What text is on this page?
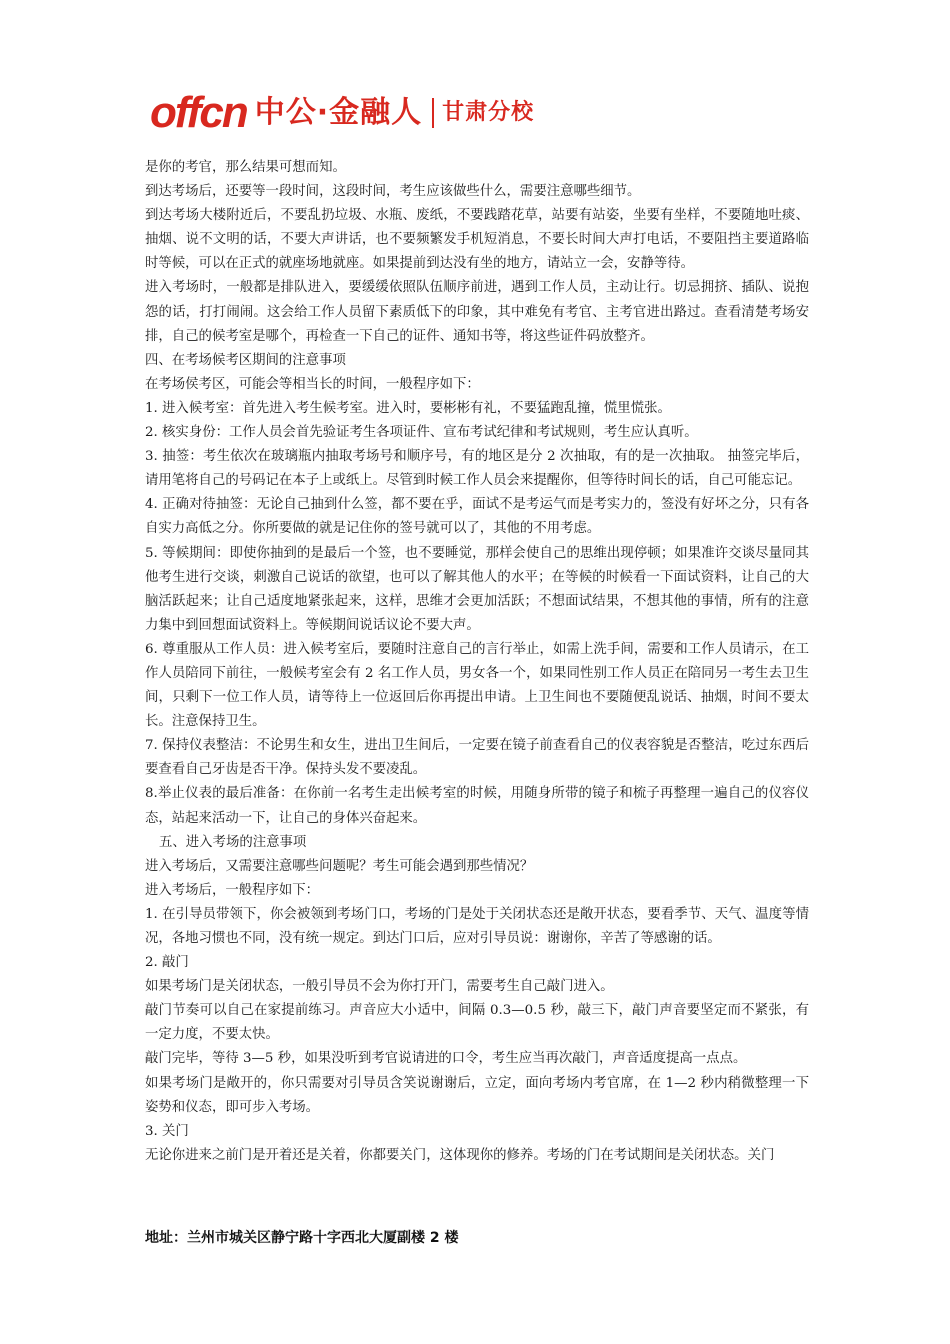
offcn 中公·金融人 甘肃分校

是你的考官，那么结果可想而知。

到达考场后，还要等一段时间，这段时间，考生应该做些什么，需要注意哪些细节。

到达考场大楼附近后，不要乱扔垃圾、水瓶、废纸，不要践踏花草，站要有站姿，坐要有坐样，不要随地吐痰、抽烟、说不文明的话，不要大声讲话，也不要频繁发手机短消息，不要长时间大声打电话，不要阻挡主要道路临时等候，可以在正式的就座场地就座。如果提前到达没有坐的地方，请站立一会，安静等待。

进入考场时，一般都是排队进入，要缓缓依照队伍顺序前进，遇到工作人员，主动让行。切忌拥挤、插队、说抱怨的话，打打闹闹。这会给工作人员留下素质低下的印象，其中难免有考官、主考官进出路过。查看清楚考场安排，自己的候考室是哪个，再检查一下自己的证件、通知书等，将这些证件码放整齐。

四、在考场候考区期间的注意事项

在考场侯考区，可能会等相当长的时间，一般程序如下：

1. 进入候考室：首先进入考生候考室。进入时，要彬彬有礼，不要猛跑乱撞，慌里慌张。

2. 核实身份：工作人员会首先验证考生各项证件、宣布考试纪律和考试规则，考生应认真听。

3. 抽签：考生依次在玻璃瓶内抽取考场号和顺序号，有的地区是分 2 次抽取，有的是一次抽取。 抽签完毕后，请用笔将自己的号码记在本子上或纸上。尽管到时候工作人员会来提醒你，但等待时间长的话，自己可能忘记。

4. 正确对待抽签：无论自己抽到什么签，都不要在乎，面试不是考运气而是考实力的，签没有好坏之分，只有各自实力高低之分。你所要做的就是记住你的签号就可以了，其他的不用考虑。

5. 等候期间：即使你抽到的是最后一个签，也不要睡觉，那样会使自己的思维出现停顿；如果准许交谈尽量同其他考生进行交谈，刺激自己说话的欲望，也可以了解其他人的水平；在等候的时候看一下面试资料，让自己的大脑活跃起来；让自己适度地紧张起来，这样，思维才会更加活跃；不想面试结果，不想其他的事情，所有的注意力集中到回想面试资料上。等候期间说话议论不要大声。

6. 尊重服从工作人员：进入候考室后，要随时注意自己的言行举止，如需上洗手间，需要和工作人员请示，在工作人员陪同下前往，一般候考室会有 2 名工作人员，男女各一个，如果同性别工作人员正在陪同另一考生去卫生间，只剩下一位工作人员，请等待上一位返回后你再提出申请。上卫生间也不要随便乱说话、抽烟，时间不要太长。注意保持卫生。

7. 保持仪表整洁：不论男生和女生，进出卫生间后，一定要在镜子前查看自己的仪表容貌是否整洁，吃过东西后要查看自己牙齿是否干净。保持头发不要凌乱。

8.举止仪表的最后准备：在你前一名考生走出候考室的时候，用随身所带的镜子和梳子再整理一遍自己的仪容仪态，站起来活动一下，让自己的身体兴奋起来。

五、进入考场的注意事项

进入考场后，又需要注意哪些问题呢？考生可能会遇到那些情况？

进入考场后，一般程序如下：

1. 在引导员带领下，你会被领到考场门口，考场的门是处于关闭状态还是敞开状态，要看季节、天气、温度等情况，各地习惯也不同，没有统一规定。到达门口后，应对引导员说：谢谢你，辛苦了等感谢的话。

2. 敲门

如果考场门是关闭状态，一般引导员不会为你打开门，需要考生自己敲门进入。

敲门节奏可以自己在家提前练习。声音应大小适中，间隔 0.3—0.5 秒，敲三下，敲门声音要坚定而不紧张，有一定力度，不要太快。

敲门完毕，等待 3—5 秒，如果没听到考官说请进的口令，考生应当再次敲门，声音适度提高一点点。

如果考场门是敞开的，你只需要对引导员含笑说谢谢后，立定，面向考场内考官席，在 1—2 秒内稍微整理一下姿势和仪态，即可步入考场。

3. 关门

无论你进来之前门是开着还是关着，你都要关门，这体现你的修养。考场的门在考试期间是关闭状态。关门

地址：兰州市城关区静宁路十字西北大厦副楼 2 楼
